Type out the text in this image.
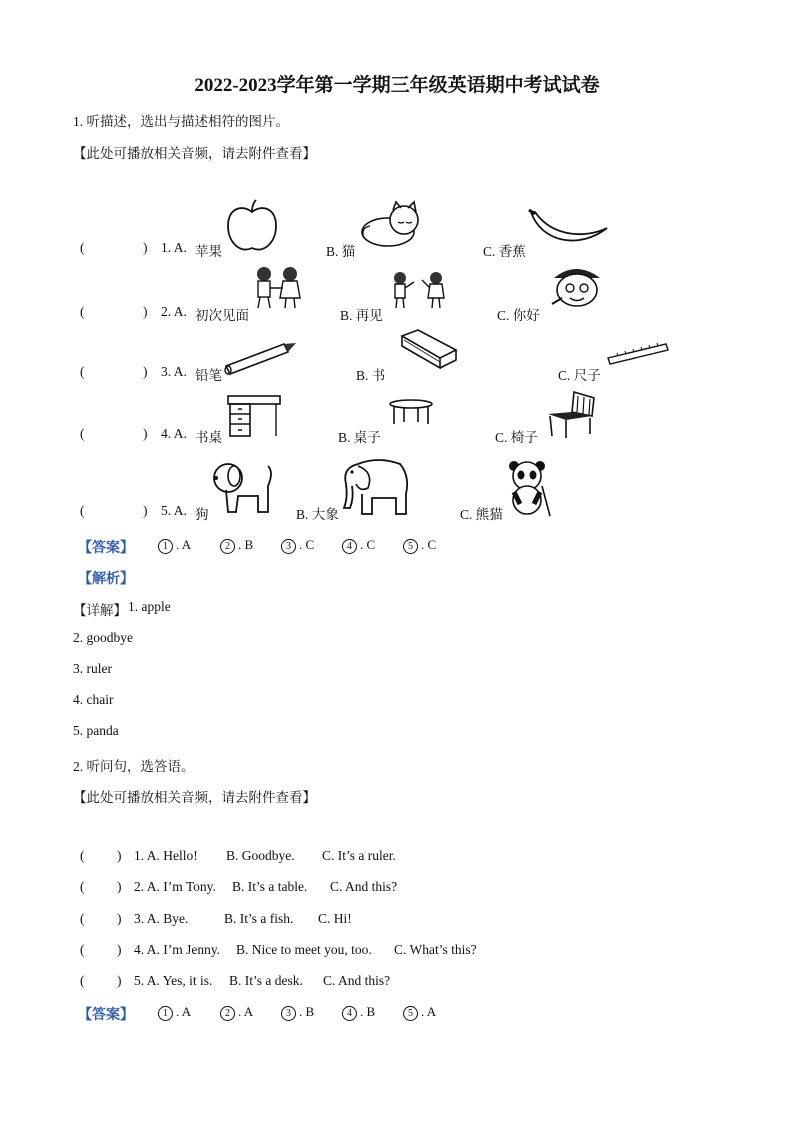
2022-2023学年第一学期三年级英语期中考试试卷
1. 听描述，选出与描述相符的图片。
【此处可播放相关音频，请去附件查看】
(	) 1. A. 苹果	B. 猫	C. 香蕉
(	) 2. A. 初次见面	B. 再见	C. 你好
(	) 3. A. 铅笔	B. 书	C. 尺子
(	) 4. A. 书桌	B. 桌子	C. 椅子
(	) 5. A. 狗	B. 大象	C. 熊猫
【答案】	1 . A	2 . B	3 . C	4 . C	5 . C
【解析】
【详解】 1. apple
2. goodbye
3. ruler
4. chair
5. panda
2. 听问句，选答语。
【此处可播放相关音频，请去附件查看】
( ) 1. A. Hello! B. Goodbye. C. It’s a ruler.
( ) 2. A. I’m Tony. B. It’s a table. C. And this?
( ) 3. A. Bye.	B. It’s a fish. C. Hi!
( ) 4. A. I’m Jenny. B. Nice to meet you, too. C. What’s this?
( ) 5. A. Yes, it is. B. It’s a desk. C. And this?
【答案】	1 . A	2 . A	3 . B	4 . B	5 . A
